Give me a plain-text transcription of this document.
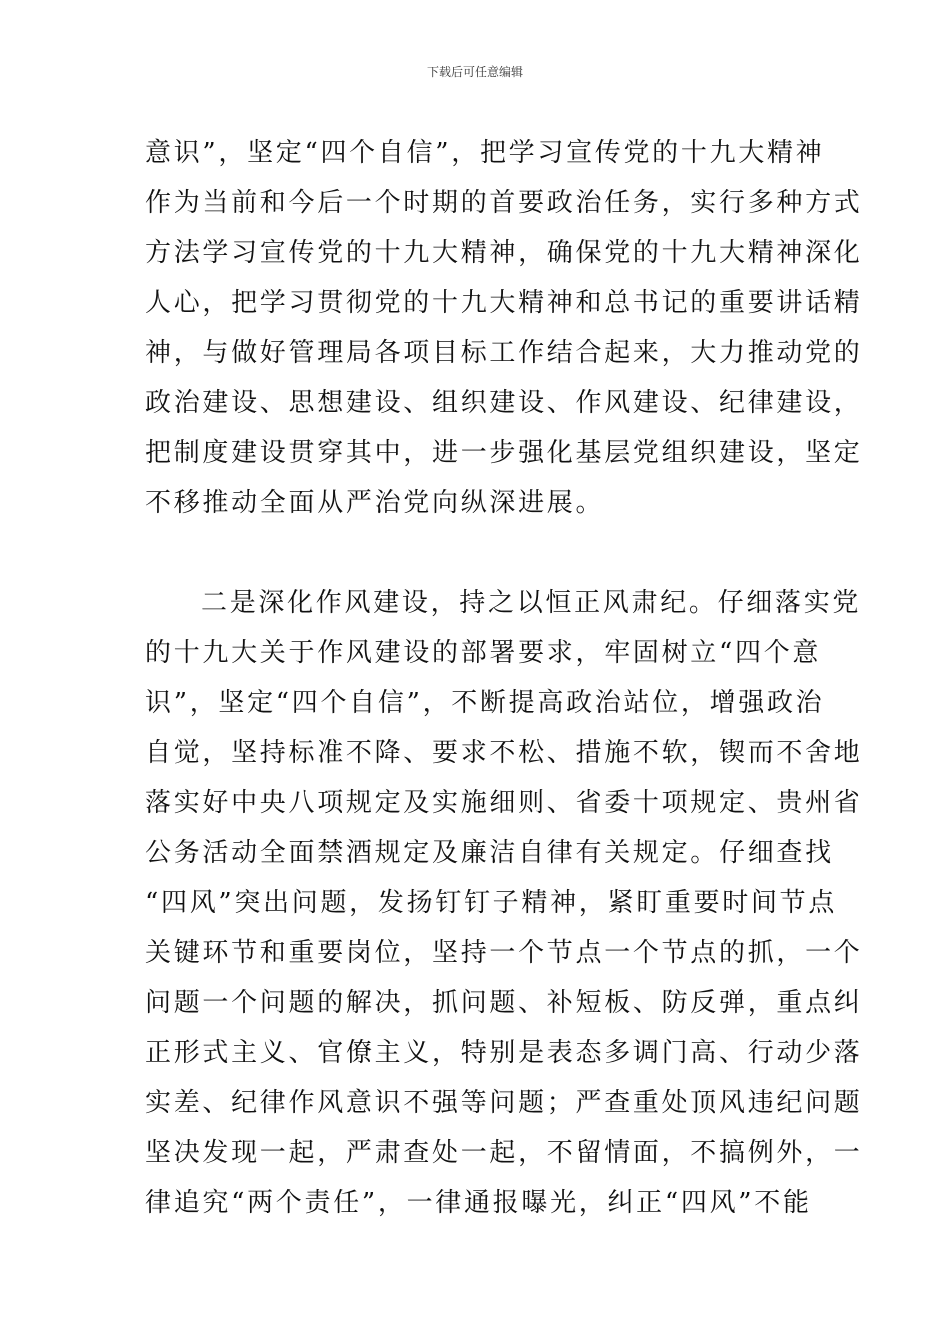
下载后可任意编辑

意识”，坚定“四个自信”，把学习宣传党的十九大精神
作为当前和今后一个时期的首要政治任务，实行多种方式
方法学习宣传党的十九大精神，确保党的十九大精神深化
人心，把学习贯彻党的十九大精神和总书记的重要讲话精
神，与做好管理局各项目标工作结合起来，大力推动党的
政治建设、思想建设、组织建设、作风建设、纪律建设，
把制度建设贯穿其中，进一步强化基层党组织建设，坚定
不移推动全面从严治党向纵深进展。

二是深化作风建设，持之以恒正风肃纪。仔细落实党
的十九大关于作风建设的部署要求，牢固树立“四个意
识”，坚定“四个自信”，不断提高政治站位，增强政治
自觉，坚持标准不降、要求不松、措施不软，锲而不舍地
落实好中央八项规定及实施细则、省委十项规定、贵州省
公务活动全面禁酒规定及廉洁自律有关规定。仔细查找
“四风”突出问题，发扬钉钉子精神，紧盯重要时间节点
关键环节和重要岗位，坚持一个节点一个节点的抓，一个
问题一个问题的解决，抓问题、补短板、防反弹，重点纠
正形式主义、官僚主义，特别是表态多调门高、行动少落
实差、纪律作风意识不强等问题；严查重处顶风违纪问题
坚决发现一起，严肃查处一起，不留情面，不搞例外，一
律追究“两个责任”，一律通报曝光，纠正“四风”不能
